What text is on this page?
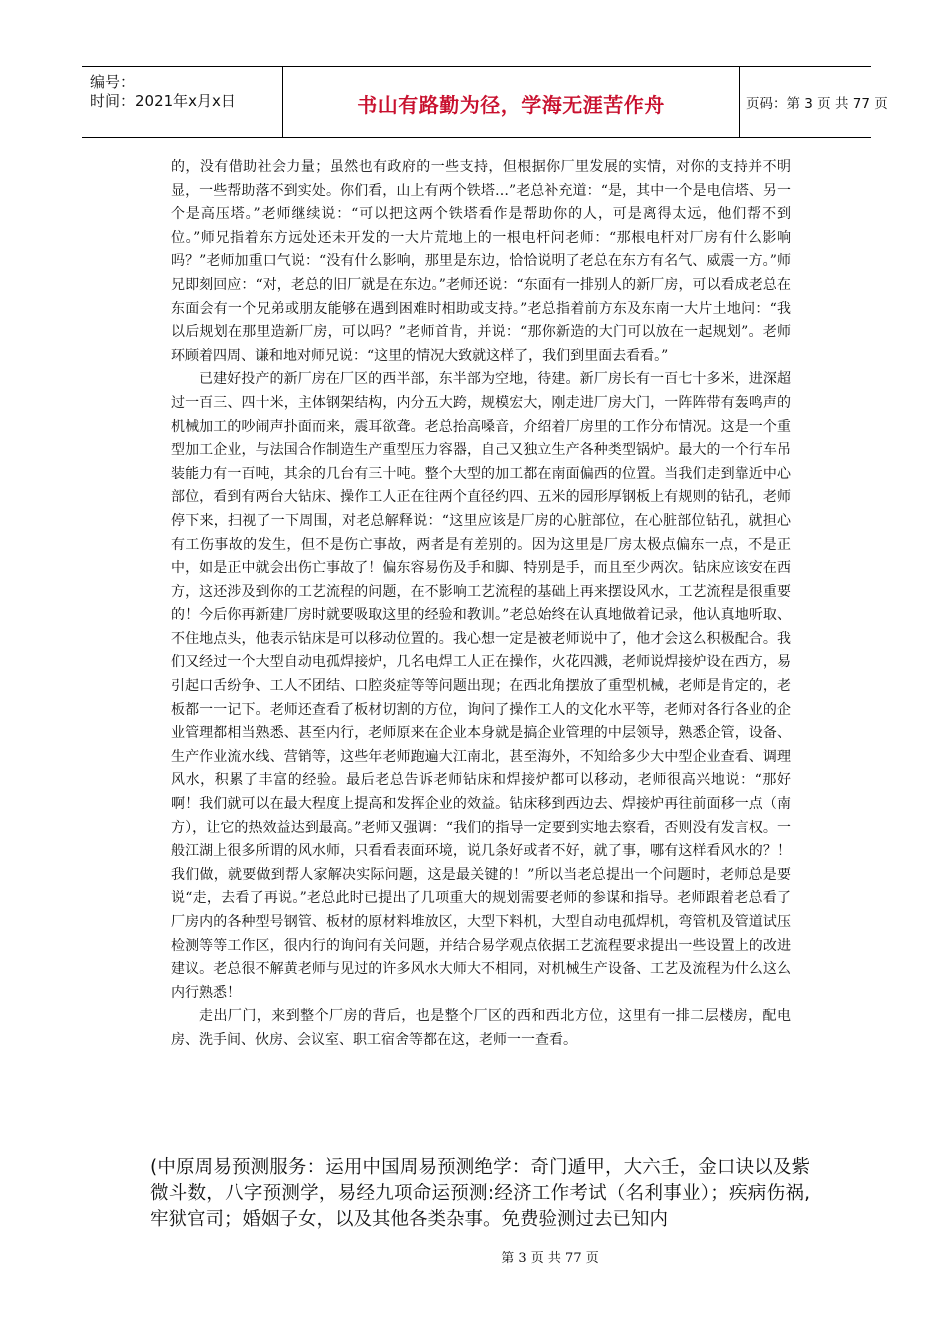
编号：
时间：2021年x月x日	书山有路勤为径，学海无涯苦作舟	页码：第 3 页 共 77 页

的，没有借助社会力量；虽然也有政府的一些支持，但根据你厂里发展的实情，对你的支持并不明显，一些帮助落不到实处。你们看，山上有两个铁塔…”老总补充道：“是，其中一个是电信塔、另一个是高压塔。”老师继续说：“可以把这两个铁塔看作是帮助你的人，可是离得太远，他们帮不到位。”师兄指着东方远处还未开发的一大片荒地上的一根电杆问老师：“那根电杆对厂房有什么影响吗？”老师加重口气说：“没有什么影响，那里是东边，恰恰说明了老总在东方有名气、威震一方。”师兄即刻回应：“对，老总的旧厂就是在东边。”老师还说：“东面有一排别人的新厂房，可以看成老总在东面会有一个兄弟或朋友能够在遇到困难时相助或支持。”老总指着前方东及东南一大片土地问：“我以后规划在那里造新厂房，可以吗？”老师首肯，并说：“那你新造的大门可以放在一起规划”。老师环顾着四周、谦和地对师兄说：“这里的情况大致就这样了，我们到里面去看看。”

已建好投产的新厂房在厂区的西半部，东半部为空地，待建。新厂房长有一百七十多米，进深超过一百三、四十米，主体钢架结构，内分五大跨，规模宏大，刚走进厂房大门，一阵阵带有轰鸣声的机械加工的吵闹声扑面而来，震耳欲聋。老总抬高嗓音，介绍着厂房里的工作分布情况。这是一个重型加工企业，与法国合作制造生产重型压力容器，自己又独立生产各种类型锅炉。最大的一个行车吊装能力有一百吨，其余的几台有三十吨。整个大型的加工都在南面偏西的位置。当我们走到靠近中心部位，看到有两台大钻床、操作工人正在往两个直径约四、五米的园形厚钢板上有规则的钻孔，老师停下来，扫视了一下周围，对老总解释说：“这里应该是厂房的心脏部位，在心脏部位钻孔，就担心有工伤事故的发生，但不是伤亡事故，两者是有差别的。因为这里是厂房太极点偏东一点，不是正中，如是正中就会出伤亡事故了！偏东容易伤及手和脚、特别是手，而且至少两次。钻床应该安在西方，这还涉及到你的工艺流程的问题，在不影响工艺流程的基础上再来摆设风水，工艺流程是很重要的！今后你再新建厂房时就要吸取这里的经验和教训。”老总始终在认真地做着记录，他认真地听取、不住地点头，他表示钻床是可以移动位置的。我心想一定是被老师说中了，他才会这么积极配合。我们又经过一个大型自动电孤焊接炉，几名电焊工人正在操作，火花四溅，老师说焊接炉设在西方，易引起口舌纷争、工人不团结、口腔炎症等等问题出现；在西北角摆放了重型机械，老师是肯定的，老板都一一记下。老师还查看了板材切割的方位，询问了操作工人的文化水平等，老师对各行各业的企业管理都相当熟悉、甚至内行，老师原来在企业本身就是搞企业管理的中层领导，熟悉企管，设备、生产作业流水线、营销等，这些年老师跑遍大江南北，甚至海外，不知给多少大中型企业查看、调理风水，积累了丰富的经验。最后老总告诉老师钻床和焊接炉都可以移动，老师很高兴地说：“那好啊！我们就可以在最大程度上提高和发挥企业的效益。钻床移到西边去、焊接炉再往前面移一点（南方），让它的热效益达到最高。”老师又强调：“我们的指导一定要到实地去察看，否则没有发言权。一般江湖上很多所谓的风水师，只看看表面环境，说几条好或者不好，就了事，哪有这样看风水的？！我们做，就要做到帮人家解决实际问题，这是最关键的！”所以当老总提出一个问题时，老师总是要说“走，去看了再说。”老总此时已提出了几项重大的规划需要老师的参谋和指导。老师跟着老总看了厂房内的各种型号钢管、板材的原材料堆放区，大型下料机，大型自动电孤焊机，弯管机及管道试压检测等等工作区，很内行的询问有关问题，并结合易学观点依据工艺流程要求提出一些设置上的改进建议。老总很不解黄老师与见过的许多风水大师大不相同，对机械生产设备、工艺及流程为什么这么内行熟悉！

走出厂门，来到整个厂房的背后，也是整个厂区的西和西北方位，这里有一排二层楼房，配电房、洗手间、伙房、会议室、职工宿舍等都在这，老师一一查看。

(中原周易预测服务：运用中国周易预测绝学：奇门遁甲，大六壬，金口诀以及紫微斗数，八字预测学，易经九项命运预测:经济工作考试（名利事业）；疾病伤祸,牢狱官司；婚姻子女，以及其他各类杂事。免费验测过去已知内

第 3 页 共 77 页
